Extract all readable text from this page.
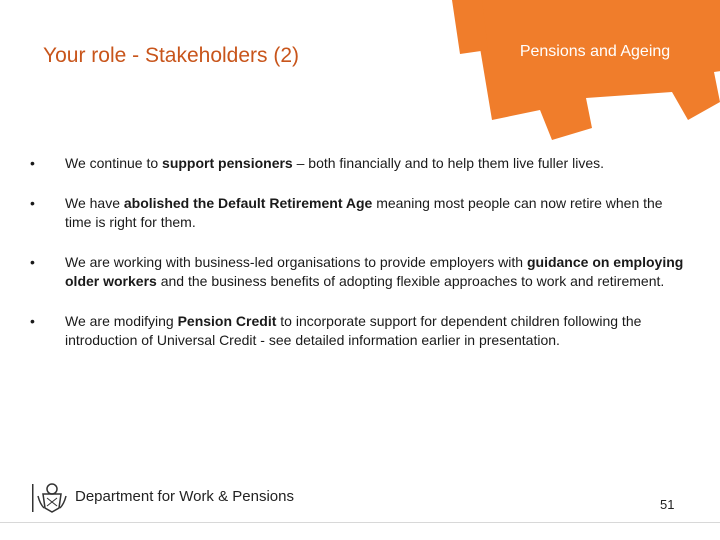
Your role - Stakeholders (2)	Pensions and Ageing
• We continue to support pensioners – both financially and to help them live fuller lives.
• We have abolished the Default Retirement Age meaning most people can now retire when the time is right for them.
• We are working with business-led organisations to provide employers with guidance on employing older workers and the business benefits of adopting flexible approaches to work and retirement.
• We are modifying Pension Credit to incorporate support for dependent children following the introduction of Universal Credit - see detailed information earlier in presentation.
Department for Work & Pensions	51
